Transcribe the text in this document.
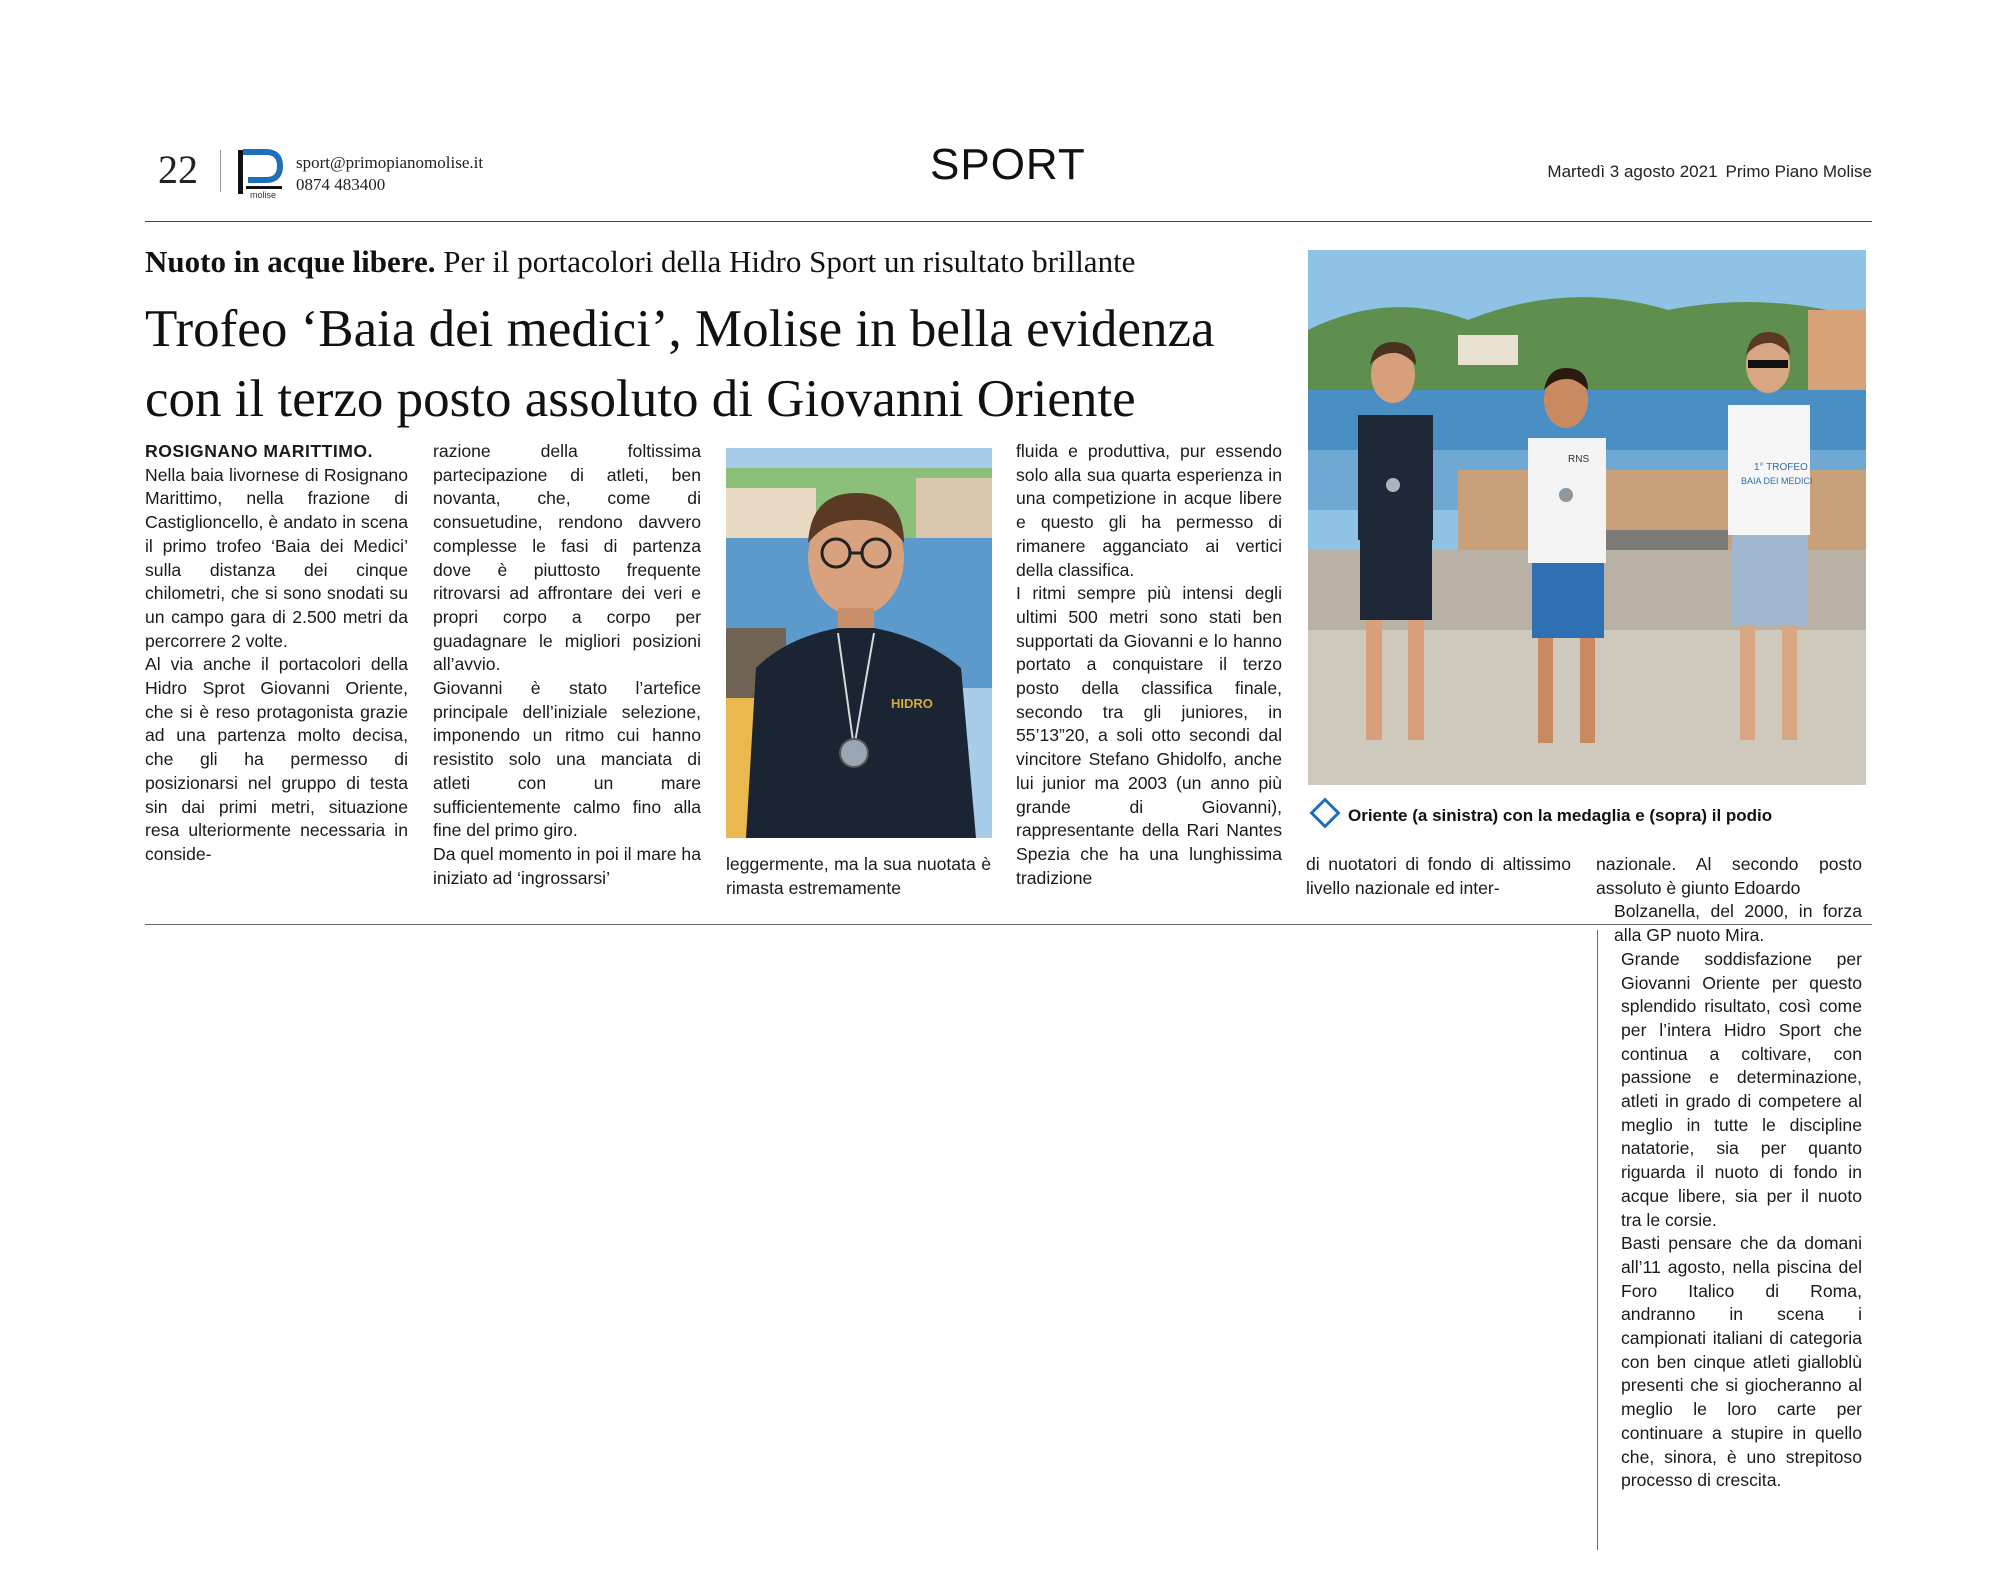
22
molise
sport@primopianomolise.it
0874 483400	SPORT	Martedì 3 agosto 2021 Primo Piano Molise
Nuoto in acque libere. Per il portacolori della Hidro Sport un risultato brillante
Trofeo ‘Baia dei medici’, Molise in bella evidenza
con il terzo posto assoluto di Giovanni Oriente

ROSIGNANO MARITTIMO.

Nella baia livornese di Rosignano Marittimo, nella frazione di Castiglioncello, è andato in scena il primo trofeo ‘Baia dei Medici’ sulla distanza dei cinque chilometri, che si sono snodati su un campo gara di 2.500 metri da percorrere 2 volte.

Al via anche il portacolori della Hidro Sprot Giovanni Oriente, che si è reso protagonista grazie ad una partenza molto decisa, che gli ha permesso di posizionarsi nel gruppo di testa sin dai primi metri, situazione resa ulteriormente necessaria in conside-

razione della foltissima partecipazione di atleti, ben novanta, che, come di consuetudine, rendono davvero complesse le fasi di partenza dove è piuttosto frequente ritrovarsi ad affrontare dei veri e propri corpo a corpo per guadagnare le migliori posizioni all’avvio.

Giovanni è stato l’artefice principale dell’iniziale selezione, imponendo un ritmo cui hanno resistito solo una manciata di atleti con un mare sufficientemente calmo fino alla fine del primo giro.

Da quel momento in poi il mare ha iniziato ad ‘ingrossarsi’

leggermente, ma la sua nuotata è rimasta estremamente

fluida e produttiva, pur essendo solo alla sua quarta esperienza in una competizione in acque libere e questo gli ha permesso di rimanere agganciato ai vertici della classifica.

I ritmi sempre più intensi degli ultimi 500 metri sono stati ben supportati da Giovanni e lo hanno portato a conquistare il terzo posto della classifica finale, secondo tra gli juniores, in 55’13”20, a soli otto secondi dal vincitore Stefano Ghidolfo, anche lui junior ma 2003 (un anno più grande di Giovanni), rappresentante della Rari Nantes Spezia che ha una lunghissima tradizione

di nuotatori di fondo di altissimo livello nazionale ed inter-

nazionale. Al secondo posto assoluto è giunto Edoardo

Bolzanella, del 2000, in forza alla GP nuoto Mira.

Grande soddisfazione per Giovanni Oriente per questo splendido risultato, così come per l’intera Hidro Sport che continua a coltivare, con passione e determinazione, atleti in grado di competere al meglio in tutte le discipline natatorie, sia per quanto riguarda il nuoto di fondo in acque libere, sia per il nuoto tra le corsie.

Basti pensare che da domani all’11 agosto, nella piscina del Foro Italico di Roma, andranno in scena i campionati italiani di categoria con ben cinque atleti gialloblù presenti che si giocheranno al meglio le loro carte per continuare a stupire in quello che, sinora, è uno strepitoso processo di crescita.

HIDRO
RNS
1° TROFEO
BAIA DEI MEDICI
Oriente (a sinistra) con la medaglia e (sopra) il podio
